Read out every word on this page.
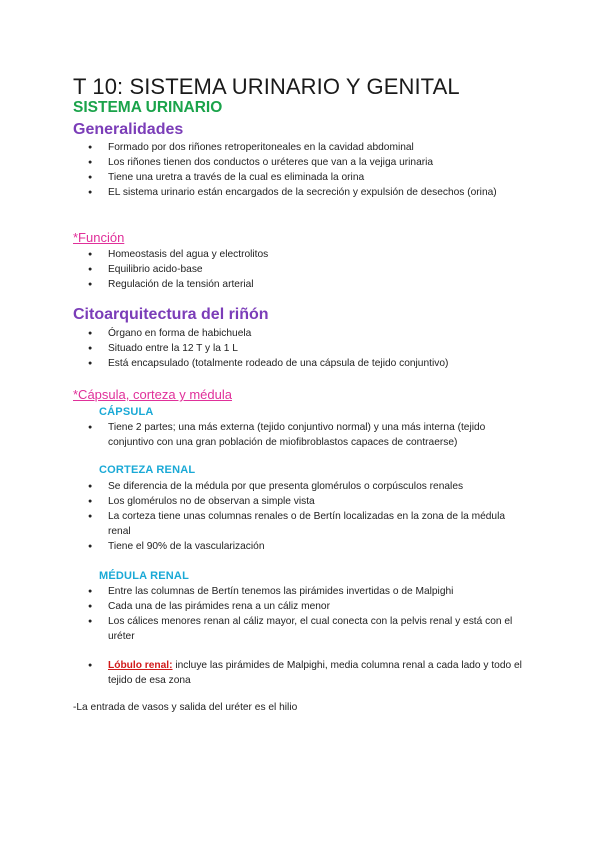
T 10: SISTEMA URINARIO Y GENITAL
SISTEMA URINARIO
Generalidades
● Formado por dos riñones retroperitoneales en la cavidad abdominal
● Los riñones tienen dos conductos o uréteres que van a la vejiga urinaria
● Tiene una uretra a través de la cual es eliminada la orina
● EL sistema urinario están encargados de la secreción y expulsión de desechos (orina)
*Función
● Homeostasis del agua y electrolitos
● Equilibrio acido-base
● Regulación de la tensión arterial
Citoarquitectura del riñón
● Órgano en forma de habichuela
● Situado entre la 12 T y la 1 L
● Está encapsulado (totalmente rodeado de una cápsula de tejido conjuntivo)
*Cápsula, corteza y médula
CÁPSULA
● Tiene 2 partes; una más externa (tejido conjuntivo normal) y una más interna (tejido conjuntivo con una gran población de miofibroblastos capaces de contraerse)
CORTEZA RENAL
● Se diferencia de la médula por que presenta glomérulos o corpúsculos renales
● Los glomérulos no de observan a simple vista
● La corteza tiene unas columnas renales o de Bertín localizadas en la zona de la médula renal
● Tiene el 90% de la vascularización
MÉDULA RENAL
● Entre las columnas de Bertín tenemos las pirámides invertidas o de Malpighi
● Cada una de las pirámides rena a un cáliz menor
● Los cálices menores renan al cáliz mayor, el cual conecta con la pelvis renal y está con el uréter
● Lóbulo renal: incluye las pirámides de Malpighi, media columna renal a cada lado y todo el tejido de esa zona
-La entrada de vasos y salida del uréter es el hilio
